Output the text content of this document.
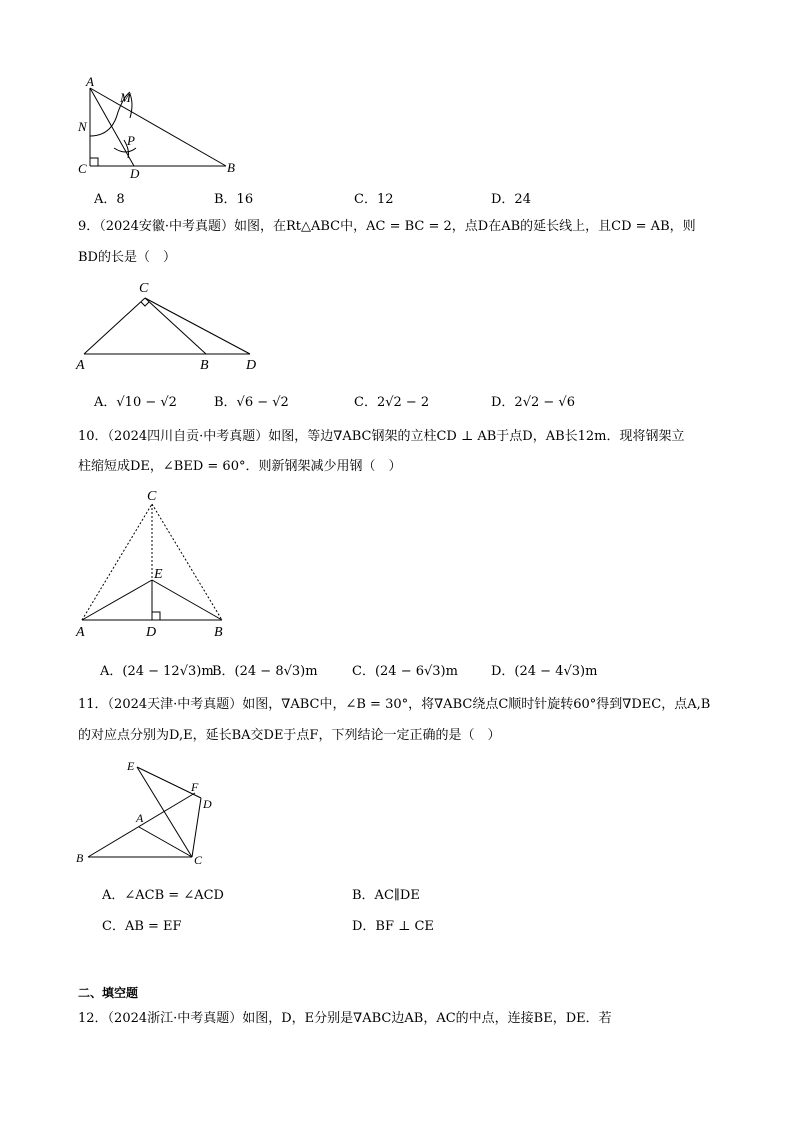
A
M
N
P
C	D	B
A．8	B．16	C．12	D．24
9．（2024安徽·中考真题）如图，在Rt△ABC中，AC = BC = 2，点D在AB的延长线上，且CD = AB，则
BD的长是（　）
C
A	B	D
A．√10 − √2	B．√6 − √2	C．2√2 − 2	D．2√2 − √6
10．（2024四川自贡·中考真题）如图，等边∇ABC钢架的立柱CD ⊥ AB于点D，AB长12m．现将钢架立
柱缩短成DE，∠BED = 60°．则新钢架减少用钢（　）
C
E
A	D	B
A．(24 − 12√3)m
B．(24 − 8√3)m	C．(24 − 6√3)m	D．(24 − 4√3)m
11．（2024天津·中考真题）如图，∇ABC中，∠B = 30°，将∇ABC绕点C顺时针旋转60°得到∇DEC，点A,B
的对应点分别为D,E，延长BA交DE于点F，下列结论一定正确的是（　）
E
F
D
A
B	C
A．∠ACB = ∠ACD	B．AC∥DE
C．AB = EF	D．BF ⊥ CE
二、填空题
12．（2024浙江·中考真题）如图，D，E分别是∇ABC边AB，AC的中点，连接BE，DE．若
